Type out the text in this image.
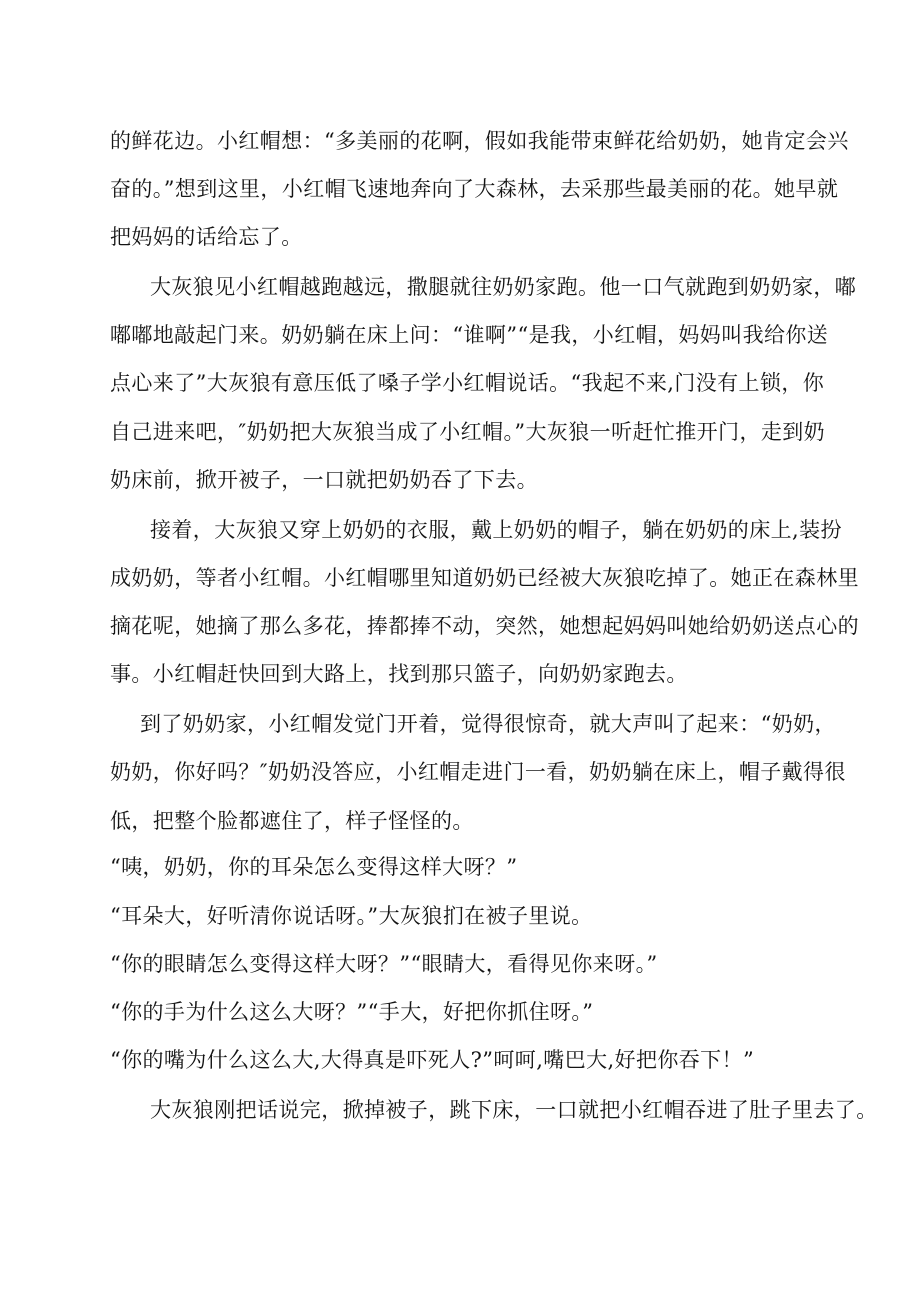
的鲜花边。小红帽想：“多美丽的花啊，假如我能带束鲜花给奶奶，她肯定会兴

奋的。”想到这里，小红帽飞速地奔向了大森林，去采那些最美丽的花。她早就

把妈妈的话给忘了。

大灰狼见小红帽越跑越远，撒腿就往奶奶家跑。他一口气就跑到奶奶家，嘟

嘟嘟地敲起门来。奶奶躺在床上问：“谁啊”“是我，小红帽，妈妈叫我给你送

点心来了”大灰狼有意压低了嗓子学小红帽说话。“我起不来,门没有上锁，你

自己进来吧，″奶奶把大灰狼当成了小红帽。”大灰狼一听赶忙推开门，走到奶

奶床前，掀开被子，一口就把奶奶吞了下去。

接着，大灰狼又穿上奶奶的衣服，戴上奶奶的帽子，躺在奶奶的床上,装扮

成奶奶，等者小红帽。小红帽哪里知道奶奶已经被大灰狼吃掉了。她正在森林里

摘花呢，她摘了那么多花，捧都捧不动，突然，她想起妈妈叫她给奶奶送点心的

事。小红帽赶快回到大路上，找到那只篮子，向奶奶家跑去。

到了奶奶家，小红帽发觉门开着，觉得很惊奇，就大声叫了起来：“奶奶，

奶奶，你好吗？″奶奶没答应，小红帽走进门一看，奶奶躺在床上，帽子戴得很

低，把整个脸都遮住了，样子怪怪的。

“咦，奶奶，你的耳朵怎么变得这样大呀？”

“耳朵大，好听清你说话呀。”大灰狼扪在被子里说。

“你的眼睛怎么变得这样大呀？”“眼睛大，看得见你来呀。”

“你的手为什么这么大呀？”“手大，好把你抓住呀。”

“你的嘴为什么这么大,大得真是吓死人?”呵呵,嘴巴大,好把你吞下！”

大灰狼刚把话说完，掀掉被子，跳下床，一口就把小红帽吞进了肚子里去了。
